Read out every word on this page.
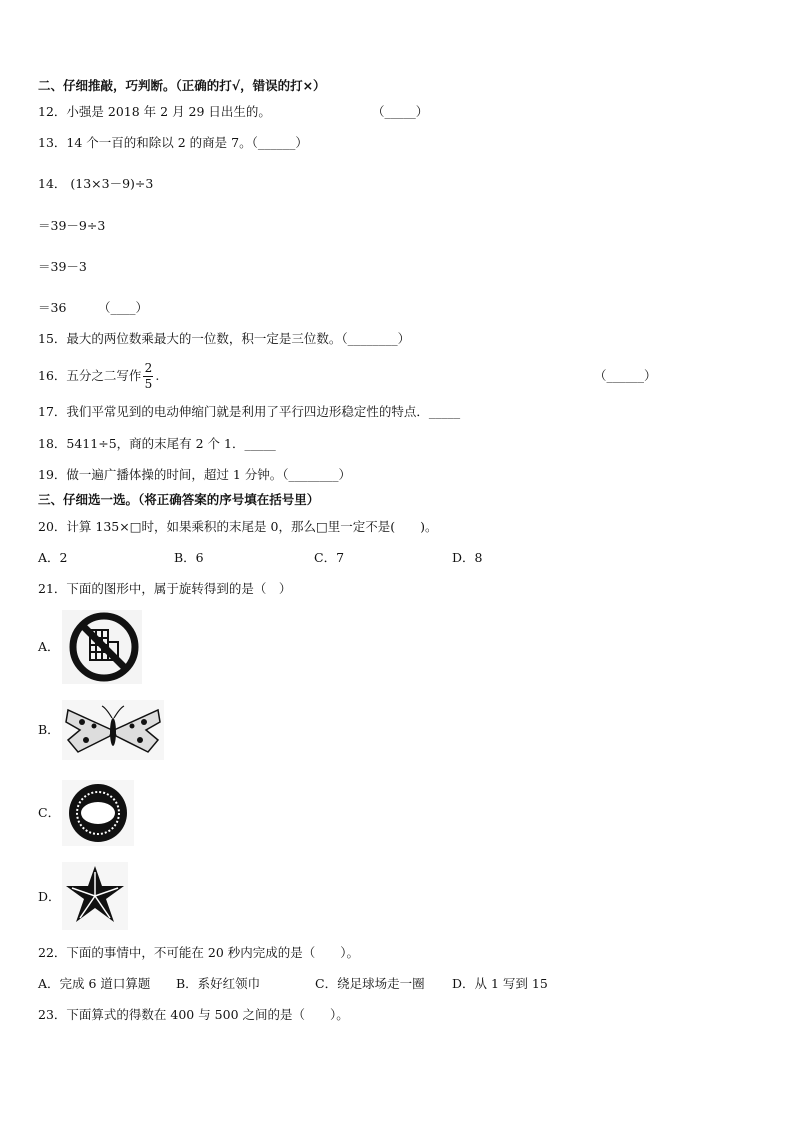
二、仔细推敲，巧判断。（正确的打√，错误的打×）
12．小强是 2018 年 2 月 29 日出生的。	（_____）
13．14 个一百的和除以 2 的商是 7。（______）
14． (13×3－9)÷3
＝39－9÷3
＝39－3
＝36	（____）
15．最大的两位数乘最大的一位数，积一定是三位数。（________）
16．五分之二写作 $\frac{2}{5}$ .	（______）
17．我们平常见到的电动伸缩门就是利用了平行四边形稳定性的特点．_____
18．5411÷5，商的末尾有 2 个 1．_____
19．做一遍广播体操的时间，超过 1 分钟。（________）
三、仔细选一选。（将正确答案的序号填在括号里）
20．计算 135×□时，如果乘积的末尾是 0，那么□里一定不是(　　)。
A．2	B．6	C．7	D．8
21．下面的图形中，属于旋转得到的是（　）
A．
B．
C．
D．
22．下面的事情中，不可能在 20 秒内完成的是（　　）。
A．完成 6 道口算题 B．系好红领巾	C．绕足球场走一圈 D．从 1 写到 15
23．下面算式的得数在 400 与 500 之间的是（　　）。
